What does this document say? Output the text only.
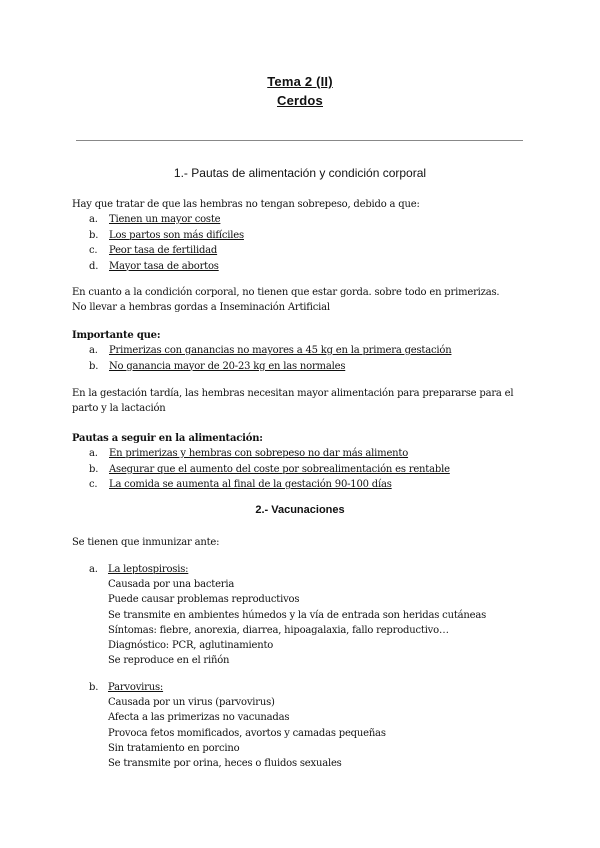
Tema 2 (II)
Cerdos
1.- Pautas de alimentación y condición corporal
Hay que tratar de que las hembras no tengan sobrepeso, debido a que:
a. Tienen un mayor coste
b. Los partos son más difíciles
c. Peor tasa de fertilidad
d. Mayor tasa de abortos
En cuanto a la condición corporal, no tienen que estar gorda. sobre todo en primerizas.
No llevar a hembras gordas a Inseminación Artificial
Importante que:
a. Primerizas con ganancias no mayores a 45 kg en la primera gestación
b. No ganancia mayor de 20-23 kg en las normales
En la gestación tardía, las hembras necesitan mayor alimentación para prepararse para el parto y la lactación
Pautas a seguir en la alimentación:
a. En primerizas y hembras con sobrepeso no dar más alimento
b. Asegurar que el aumento del coste por sobrealimentación es rentable
c. La comida se aumenta al final de la gestación 90-100 días
2.- Vacunaciones
Se tienen que inmunizar ante:
a. La leptospirosis:
Causada por una bacteria
Puede causar problemas reproductivos
Se transmite en ambientes húmedos y la vía de entrada son heridas cutáneas
Síntomas: fiebre, anorexia, diarrea, hipoagalaxia, fallo reproductivo…
Diagnóstico: PCR, aglutinamiento
Se reproduce en el riñón
b. Parvovirus:
Causada por un virus (parvovirus)
Afecta a las primerizas no vacunadas
Provoca fetos momificados, avortos y camadas pequeñas
Sin tratamiento en porcino
Se transmite por orina, heces o fluidos sexuales
